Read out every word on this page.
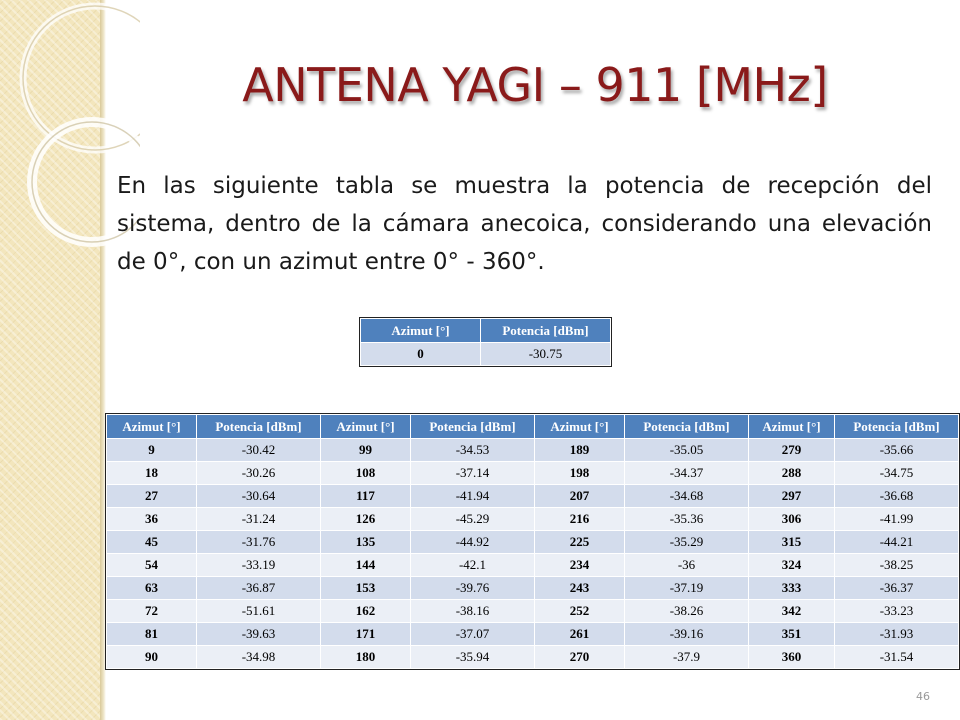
ANTENA YAGI – 911 [MHz]
En las siguiente tabla se muestra la potencia de recepción del sistema, dentro de la cámara anecoica, considerando una elevación de 0°, con un azimut entre 0° - 360°.
Azimut [°]	Potencia [dBm]
0	-30.75
Azimut [°]	Potencia [dBm]	Azimut [°]	Potencia [dBm]	Azimut [°]	Potencia [dBm]	Azimut [°]	Potencia [dBm]
9	-30.42	99	-34.53	189	-35.05	279	-35.66
18	-30.26	108	-37.14	198	-34.37	288	-34.75
27	-30.64	117	-41.94	207	-34.68	297	-36.68
36	-31.24	126	-45.29	216	-35.36	306	-41.99
45	-31.76	135	-44.92	225	-35.29	315	-44.21
54	-33.19	144	-42.1	234	-36	324	-38.25
63	-36.87	153	-39.76	243	-37.19	333	-36.37
72	-51.61	162	-38.16	252	-38.26	342	-33.23
81	-39.63	171	-37.07	261	-39.16	351	-31.93
90	-34.98	180	-35.94	270	-37.9	360	-31.54
46
